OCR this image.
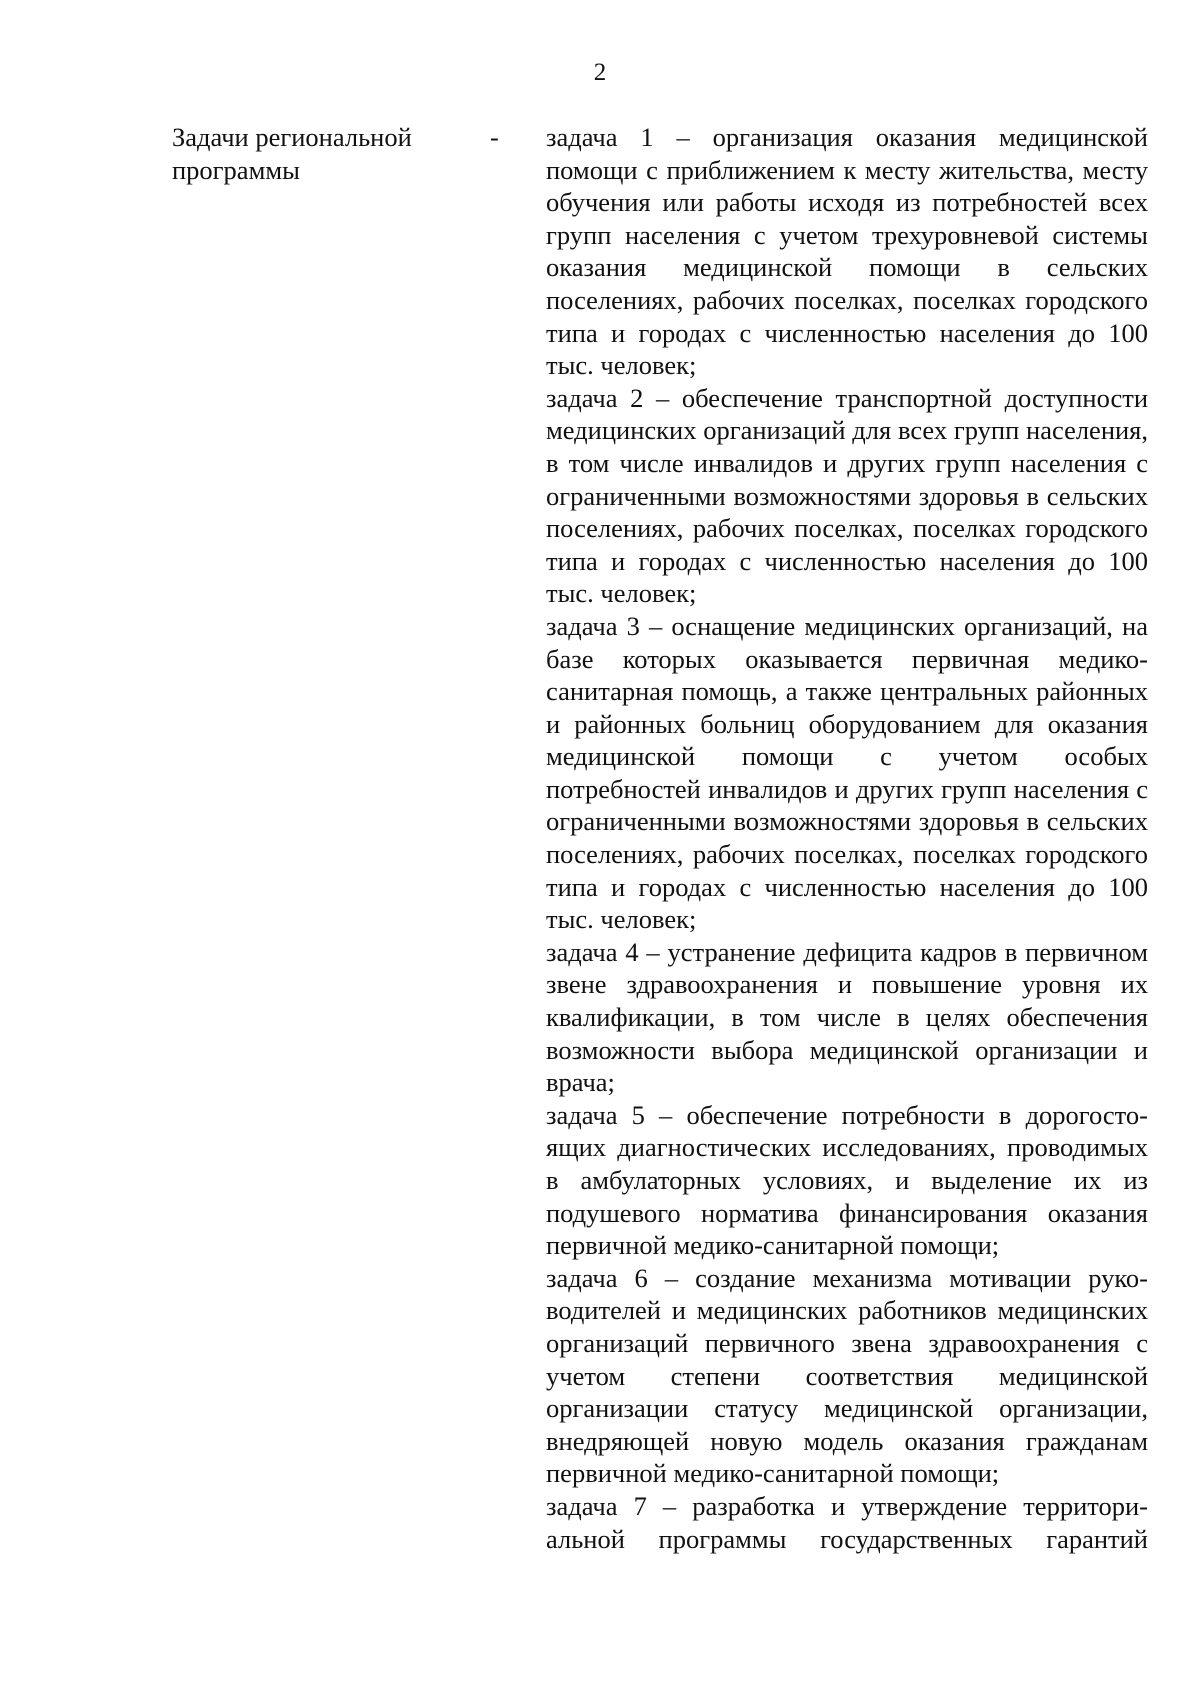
2
Задачи региональной
программы
- задача 1 – организация оказания медицинской помощи с приближением к месту жительства, месту обучения или работы исходя из потребностей всех групп населения с учетом трехуровневой системы оказания медицинской помощи в сельских поселениях, рабочих поселках, поселках городского типа и городах с численностью населения до 100 тыс. человек;

задача 2 – обеспечение транспортной доступности медицинских организаций для всех групп населения, в том числе инвалидов и других групп населения с ограниченными возможностями здоровья в сельских поселениях, рабочих поселках, поселках городского типа и городах с численностью населения до 100 тыс. человек;

задача 3 – оснащение медицинских организаций, на базе которых оказывается первичная медико-санитарная помощь, а также центральных районных и районных больниц оборудованием для оказания медицинской помощи с учетом особых потребностей инвалидов и других групп населения с ограниченными возможностями здоровья в сельских поселениях, рабочих поселках, поселках городского типа и городах с численностью населения до 100 тыс. человек;

задача 4 – устранение дефицита кадров в первичном звене здравоохранения и повышение уровня их квалификации, в том числе в целях обеспечения возможности выбора медицинской организации и врача;

задача 5 – обеспечение потребности в дорогостоящих диагностических исследованиях, проводимых в амбулаторных условиях, и выделение их из подушевого норматива финансирования оказания первичной медико-санитарной помощи;

задача 6 – создание механизма мотивации руководителей и медицинских работников медицинских организаций первичного звена здравоохранения с учетом степени соответствия медицинской организации статусу медицинской организации, внедряющей новую модель оказания гражданам первичной медико-санитарной помощи;

задача 7 – разработка и утверждение территориальной программы государственных гарантий
